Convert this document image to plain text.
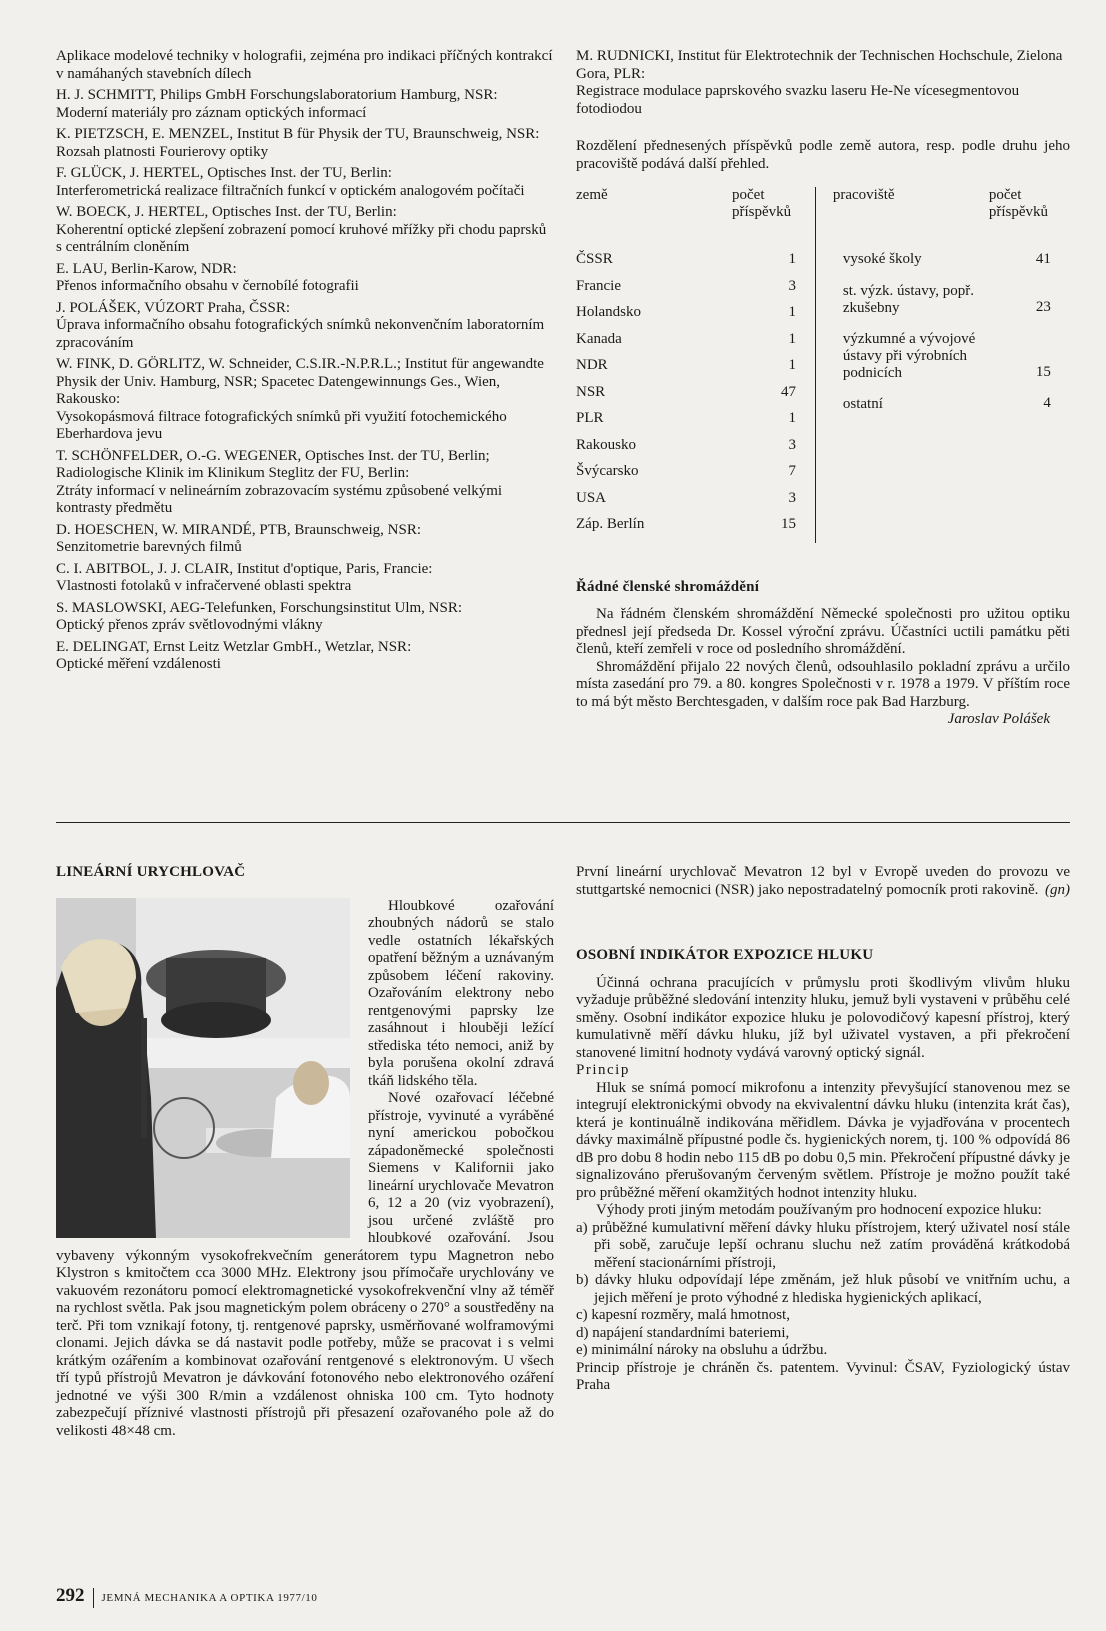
Aplikace modelové techniky v holografii, zejména pro indikaci příčných kontrakcí v namáhaných stavebních dílech

H. J. SCHMITT, Philips GmbH Forschungslaboratorium Hamburg, NSR:

Moderní materiály pro záznam optických informací

K. PIETZSCH, E. MENZEL, Institut B für Physik der TU, Braunschweig, NSR:

Rozsah platnosti Fourierovy optiky

F. GLÜCK, J. HERTEL, Optisches Inst. der TU, Berlin:

Interferometrická realizace filtračních funkcí v optickém analogovém počítači

W. BOECK, J. HERTEL, Optisches Inst. der TU, Berlin:

Koherentní optické zlepšení zobrazení pomocí kruhové mřížky při chodu paprsků s centrálním cloněním

E. LAU, Berlin-Karow, NDR:

Přenos informačního obsahu v černobílé fotografii

J. POLÁŠEK, VÚZORT Praha, ČSSR:

Úprava informačního obsahu fotografických snímků nekonvenčním laboratorním zpracováním

W. FINK, D. GÖRLITZ, W. Schneider, C.S.IR.-N.P.R.L.; Institut für angewandte Physik der Univ. Hamburg, NSR; Spacetec Datengewinnungs Ges., Wien, Rakousko:

Vysokopásmová filtrace fotografických snímků při využití fotochemického Eberhardova jevu

T. SCHÖNFELDER, O.-G. WEGENER, Optisches Inst. der TU, Berlin; Radiologische Klinik im Klinikum Steglitz der FU, Berlin:

Ztráty informací v nelineárním zobrazovacím systému způsobené velkými kontrasty předmětu

D. HOESCHEN, W. MIRANDÉ, PTB, Braunschweig, NSR:

Senzitometrie barevných filmů

C. I. ABITBOL, J. J. CLAIR, Institut d'optique, Paris, Francie:

Vlastnosti fotolaků v infračervené oblasti spektra

S. MASLOWSKI, AEG-Telefunken, Forschungsinstitut Ulm, NSR:

Optický přenos zpráv světlovodnými vlákny

E. DELINGAT, Ernst Leitz Wetzlar GmbH., Wetzlar, NSR:

Optické měření vzdálenosti

M. RUDNICKI, Institut für Elektrotechnik der Technischen Hochschule, Zielona Gora, PLR:

Registrace modulace paprskového svazku laseru He-Ne vícesegmentovou fotodiodou

Rozdělení přednesených příspěvků podle země autora, resp. podle druhu jeho pracoviště podává další přehled.

země	počet příspěvků		pracoviště	počet příspěvků

ČSSR	1
Francie	3
Holandsko	1
Kanada	1
NDR	1
NSR	47
PLR	1
Rakousko	3
Švýcarsko	7
USA	3
Záp. Berlín	15

vysoké školy	41
st. výzk. ústavy, popř. zkušebny	23
výzkumné a vývojové ústavy při výrobních podnicích	15
ostatní	4

Řádné členské shromáždění

Na řádném členském shromáždění Německé společnosti pro užitou optiku přednesl její předseda Dr. Kossel výroční zprávu. Účastníci uctili památku pěti členů, kteří zemřeli v roce od posledního shromáždění.

Shromáždění přijalo 22 nových členů, odsouhlasilo pokladní zprávu a určilo místa zasedání pro 79. a 80. kongres Společnosti v r. 1978 a 1979. V příštím roce to má být město Berchtesgaden, v dalším roce pak Bad Harzburg.

Jaroslav Polášek

LINEÁRNÍ URYCHLOVAČ

Hloubkové ozařování zhoubných nádorů se stalo vedle ostatních lékařských opatření běžným a uznávaným způsobem léčení rakoviny. Ozařováním elektrony nebo rentgenovými paprsky lze zasáhnout i hlouběji ležící střediska této nemoci, aniž by byla porušena okolní zdravá tkáň lidského těla.

Nové ozařovací léčebné přístroje, vyvinuté a vyráběné nyní americkou pobočkou západoněmecké společnosti Siemens v Kalifornii jako lineární urychlovače Mevatron 6, 12 a 20 (viz vyobrazení), jsou určené zvláště pro hloubkové ozařování. Jsou vybaveny výkonným vysokofrekvečním generátorem typu Magnetron nebo Klystron s kmitočtem cca 3000 MHz. Elektrony jsou přímočaře urychlovány ve vakuovém rezonátoru pomocí elektromagnetické vysokofrekvenční vlny až téměř na rychlost světla. Pak jsou magnetickým polem obráceny o 270° a soustředěny na terč. Při tom vznikají fotony, tj. rentgenové paprsky, usměrňované wolframovými clonami. Jejich dávka se dá nastavit podle potřeby, může se pracovat i s velmi krátkým ozářením a kombinovat ozařování rentgenové s elektronovým. U všech tří typů přístrojů Mevatron je dávkování fotonového nebo elektronového ozáření jednotné ve výši 300 R/min a vzdálenost ohniska 100 cm. Tyto hodnoty zabezpečují příznivé vlastnosti přístrojů při přesazení ozařovaného pole až do velikosti 48×48 cm.

První lineární urychlovač Mevatron 12 byl v Evropě uveden do provozu ve stuttgartské nemocnici (NSR) jako nepostradatelný pomocník proti rakovině. (gn)

OSOBNÍ INDIKÁTOR EXPOZICE HLUKU

Účinná ochrana pracujících v průmyslu proti škodlivým vlivům hluku vyžaduje průběžné sledování intenzity hluku, jemuž byli vystaveni v průběhu celé směny. Osobní indikátor expozice hluku je polovodičový kapesní přístroj, který kumulativně měří dávku hluku, jíž byl uživatel vystaven, a při překročení stanovené limitní hodnoty vydává varovný optický signál.

Princip

Hluk se snímá pomocí mikrofonu a intenzity převyšující stanovenou mez se integrují elektronickými obvody na ekvivalentní dávku hluku (intenzita krát čas), která je kontinuálně indikována měřidlem. Dávka je vyjadřována v procentech dávky maximálně přípustné podle čs. hygienických norem, tj. 100 % odpovídá 86 dB pro dobu 8 hodin nebo 115 dB po dobu 0,5 min. Překročení přípustné dávky je signalizováno přerušovaným červeným světlem. Přístroje je možno použít také pro průběžné měření okamžitých hodnot intenzity hluku.

Výhody proti jiným metodám používaným pro hodnocení expozice hluku:

a) průběžné kumulativní měření dávky hluku přístrojem, který uživatel nosí stále při sobě, zaručuje lepší ochranu sluchu než zatím prováděná krátkodobá měření stacionárními přístroji,

b) dávky hluku odpovídají lépe změnám, jež hluk působí ve vnitřním uchu, a jejich měření je proto výhodné z hlediska hygienických aplikací,

c) kapesní rozměry, malá hmotnost,

d) napájení standardními bateriemi,

e) minimální nároky na obsluhu a údržbu.

Princip přístroje je chráněn čs. patentem. Vyvinul: ČSAV, Fyziologický ústav Praha

292 JEMNÁ MECHANIKA A OPTIKA 1977/10
